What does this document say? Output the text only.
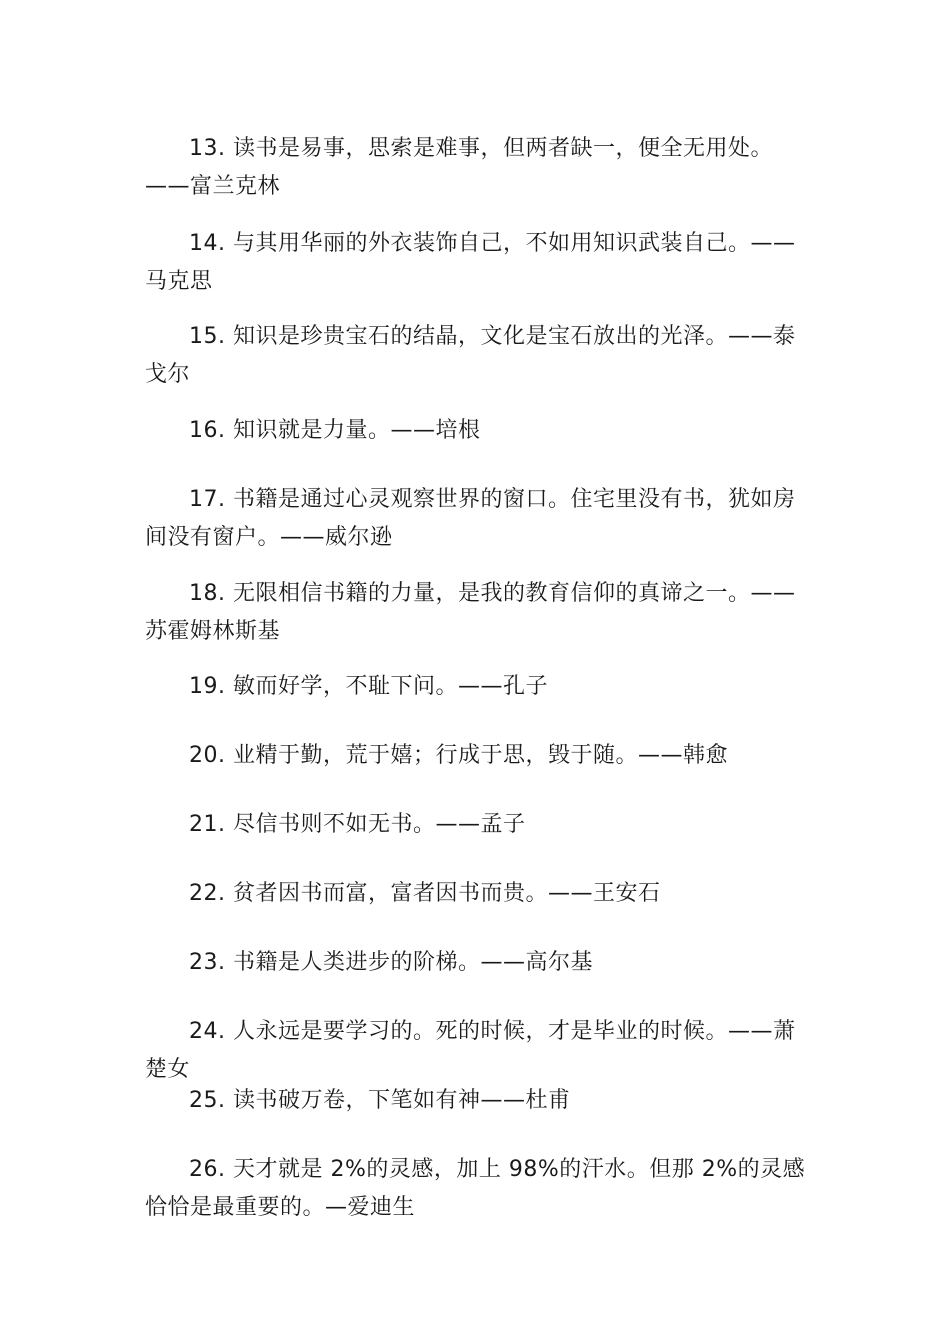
13. 读书是易事，思索是难事，但两者缺一，便全无用处。——富兰克林

14. 与其用华丽的外衣装饰自己，不如用知识武装自己。——马克思

15. 知识是珍贵宝石的结晶，文化是宝石放出的光泽。——泰戈尔

16. 知识就是力量。——培根

17. 书籍是通过心灵观察世界的窗口。住宅里没有书，犹如房间没有窗户。——威尔逊

18. 无限相信书籍的力量，是我的教育信仰的真谛之一。——苏霍姆林斯基

19. 敏而好学，不耻下问。——孔子

20. 业精于勤，荒于嬉；行成于思，毁于随。——韩愈

21. 尽信书则不如无书。——孟子

22. 贫者因书而富，富者因书而贵。——王安石

23. 书籍是人类进步的阶梯。——高尔基

24. 人永远是要学习的。死的时候，才是毕业的时候。——萧楚女

25. 读书破万卷，下笔如有神——杜甫

26. 天才就是 2%的灵感，加上 98%的汗水。但那 2%的灵感恰恰是最重要的。—爱迪生
